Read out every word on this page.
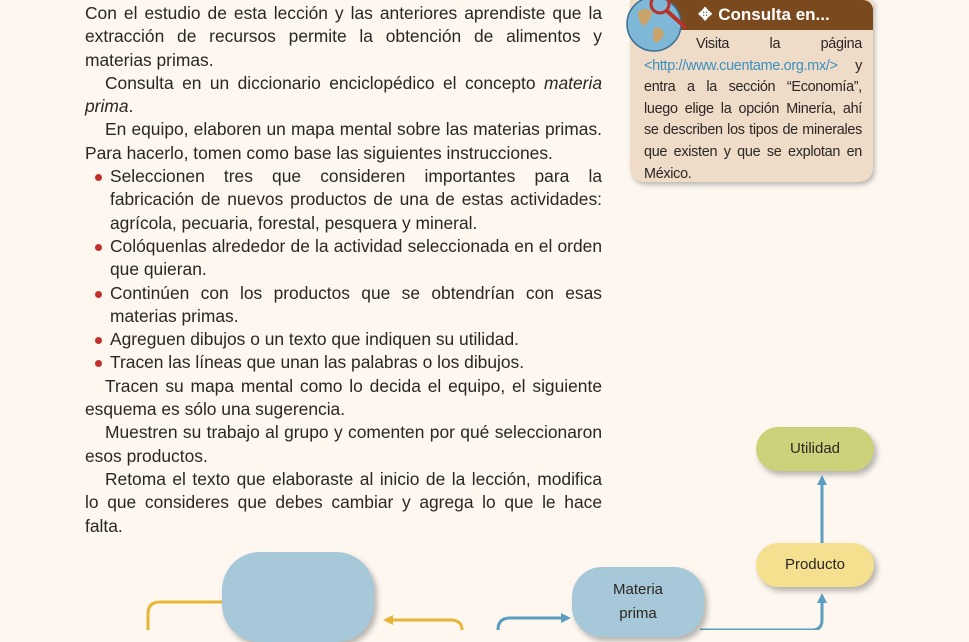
Con el estudio de esta lección y las anteriores aprendiste que la extracción de recursos permite la obtención de alimentos y materias primas.

Consulta en un diccionario enciclopédico el concepto materia prima.

En equipo, elaboren un mapa mental sobre las materias primas. Para hacerlo, tomen como base las siguientes instrucciones.

Seleccionen tres que consideren importantes para la fabricación de nuevos productos de una de estas actividades: agrícola, pecuaria, forestal, pesquera y mineral.
Colóquenlas alrededor de la actividad seleccionada en el orden que quieran.
Continúen con los productos que se obtendrían con esas materias primas.
Agreguen dibujos o un texto que indiquen su utilidad.
Tracen las líneas que unan las palabras o los dibujos.

Tracen su mapa mental como lo decida el equipo, el siguiente esquema es sólo una sugerencia.

Muestren su trabajo al grupo y comenten por qué seleccionaron esos productos.

Retoma el texto que elaboraste al inicio de la lección, modifica lo que consideres que debes cambiar y agrega lo que le hace falta.

✥ Consulta en...
Visita la página <http://www.cuentame.org.mx/> y entra a la sección “Economía”, luego elige la opción Minería, ahí se describen los tipos de minerales que existen y que se explotan en México.
Materia
prima
Producto
Utilidad
